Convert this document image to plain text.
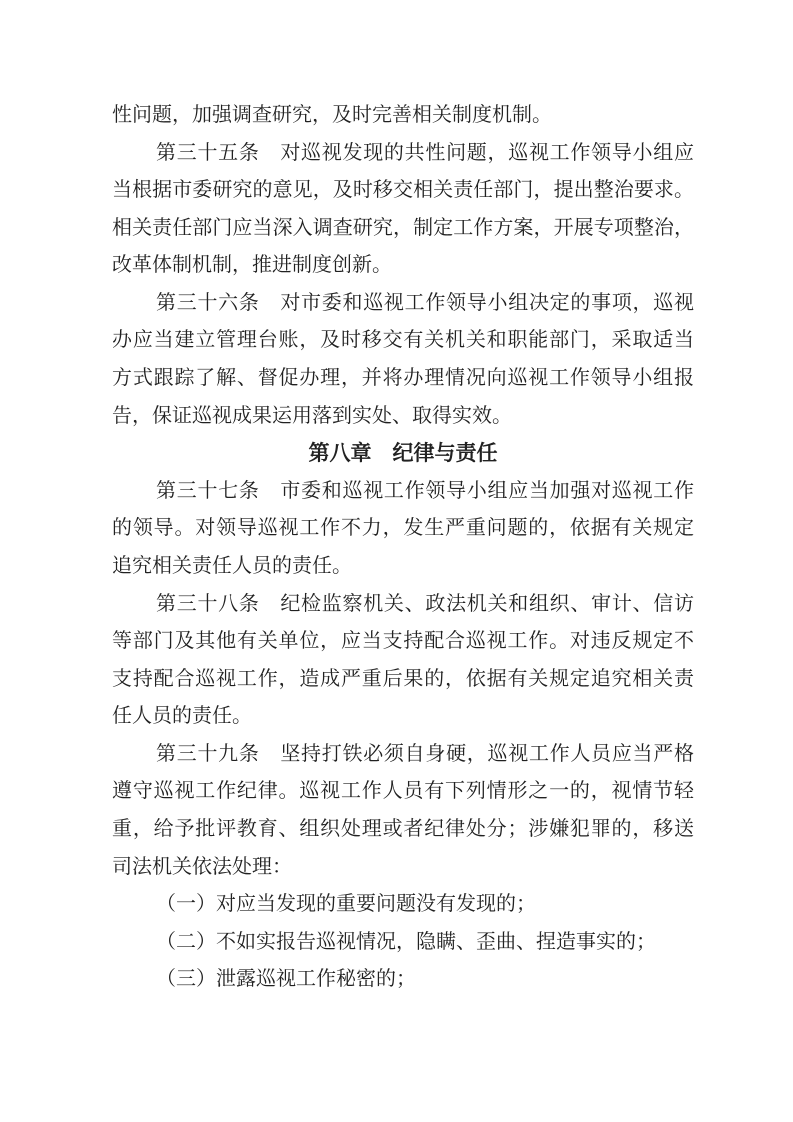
性问题，加强调查研究，及时完善相关制度机制。
第三十五条　对巡视发现的共性问题，巡视工作领导小组应
当根据市委研究的意见，及时移交相关责任部门，提出整治要求。
相关责任部门应当深入调查研究，制定工作方案，开展专项整治，
改革体制机制，推进制度创新。
第三十六条　对市委和巡视工作领导小组决定的事项，巡视
办应当建立管理台账，及时移交有关机关和职能部门，采取适当
方式跟踪了解、督促办理，并将办理情况向巡视工作领导小组报
告，保证巡视成果运用落到实处、取得实效。
第八章　纪律与责任
第三十七条　市委和巡视工作领导小组应当加强对巡视工作
的领导。对领导巡视工作不力，发生严重问题的，依据有关规定
追究相关责任人员的责任。
第三十八条　纪检监察机关、政法机关和组织、审计、信访
等部门及其他有关单位，应当支持配合巡视工作。对违反规定不
支持配合巡视工作，造成严重后果的，依据有关规定追究相关责
任人员的责任。
第三十九条　坚持打铁必须自身硬，巡视工作人员应当严格
遵守巡视工作纪律。巡视工作人员有下列情形之一的，视情节轻
重，给予批评教育、组织处理或者纪律处分；涉嫌犯罪的，移送
司法机关依法处理：
（一）对应当发现的重要问题没有发现的；
（二）不如实报告巡视情况，隐瞒、歪曲、捏造事实的；
（三）泄露巡视工作秘密的；
